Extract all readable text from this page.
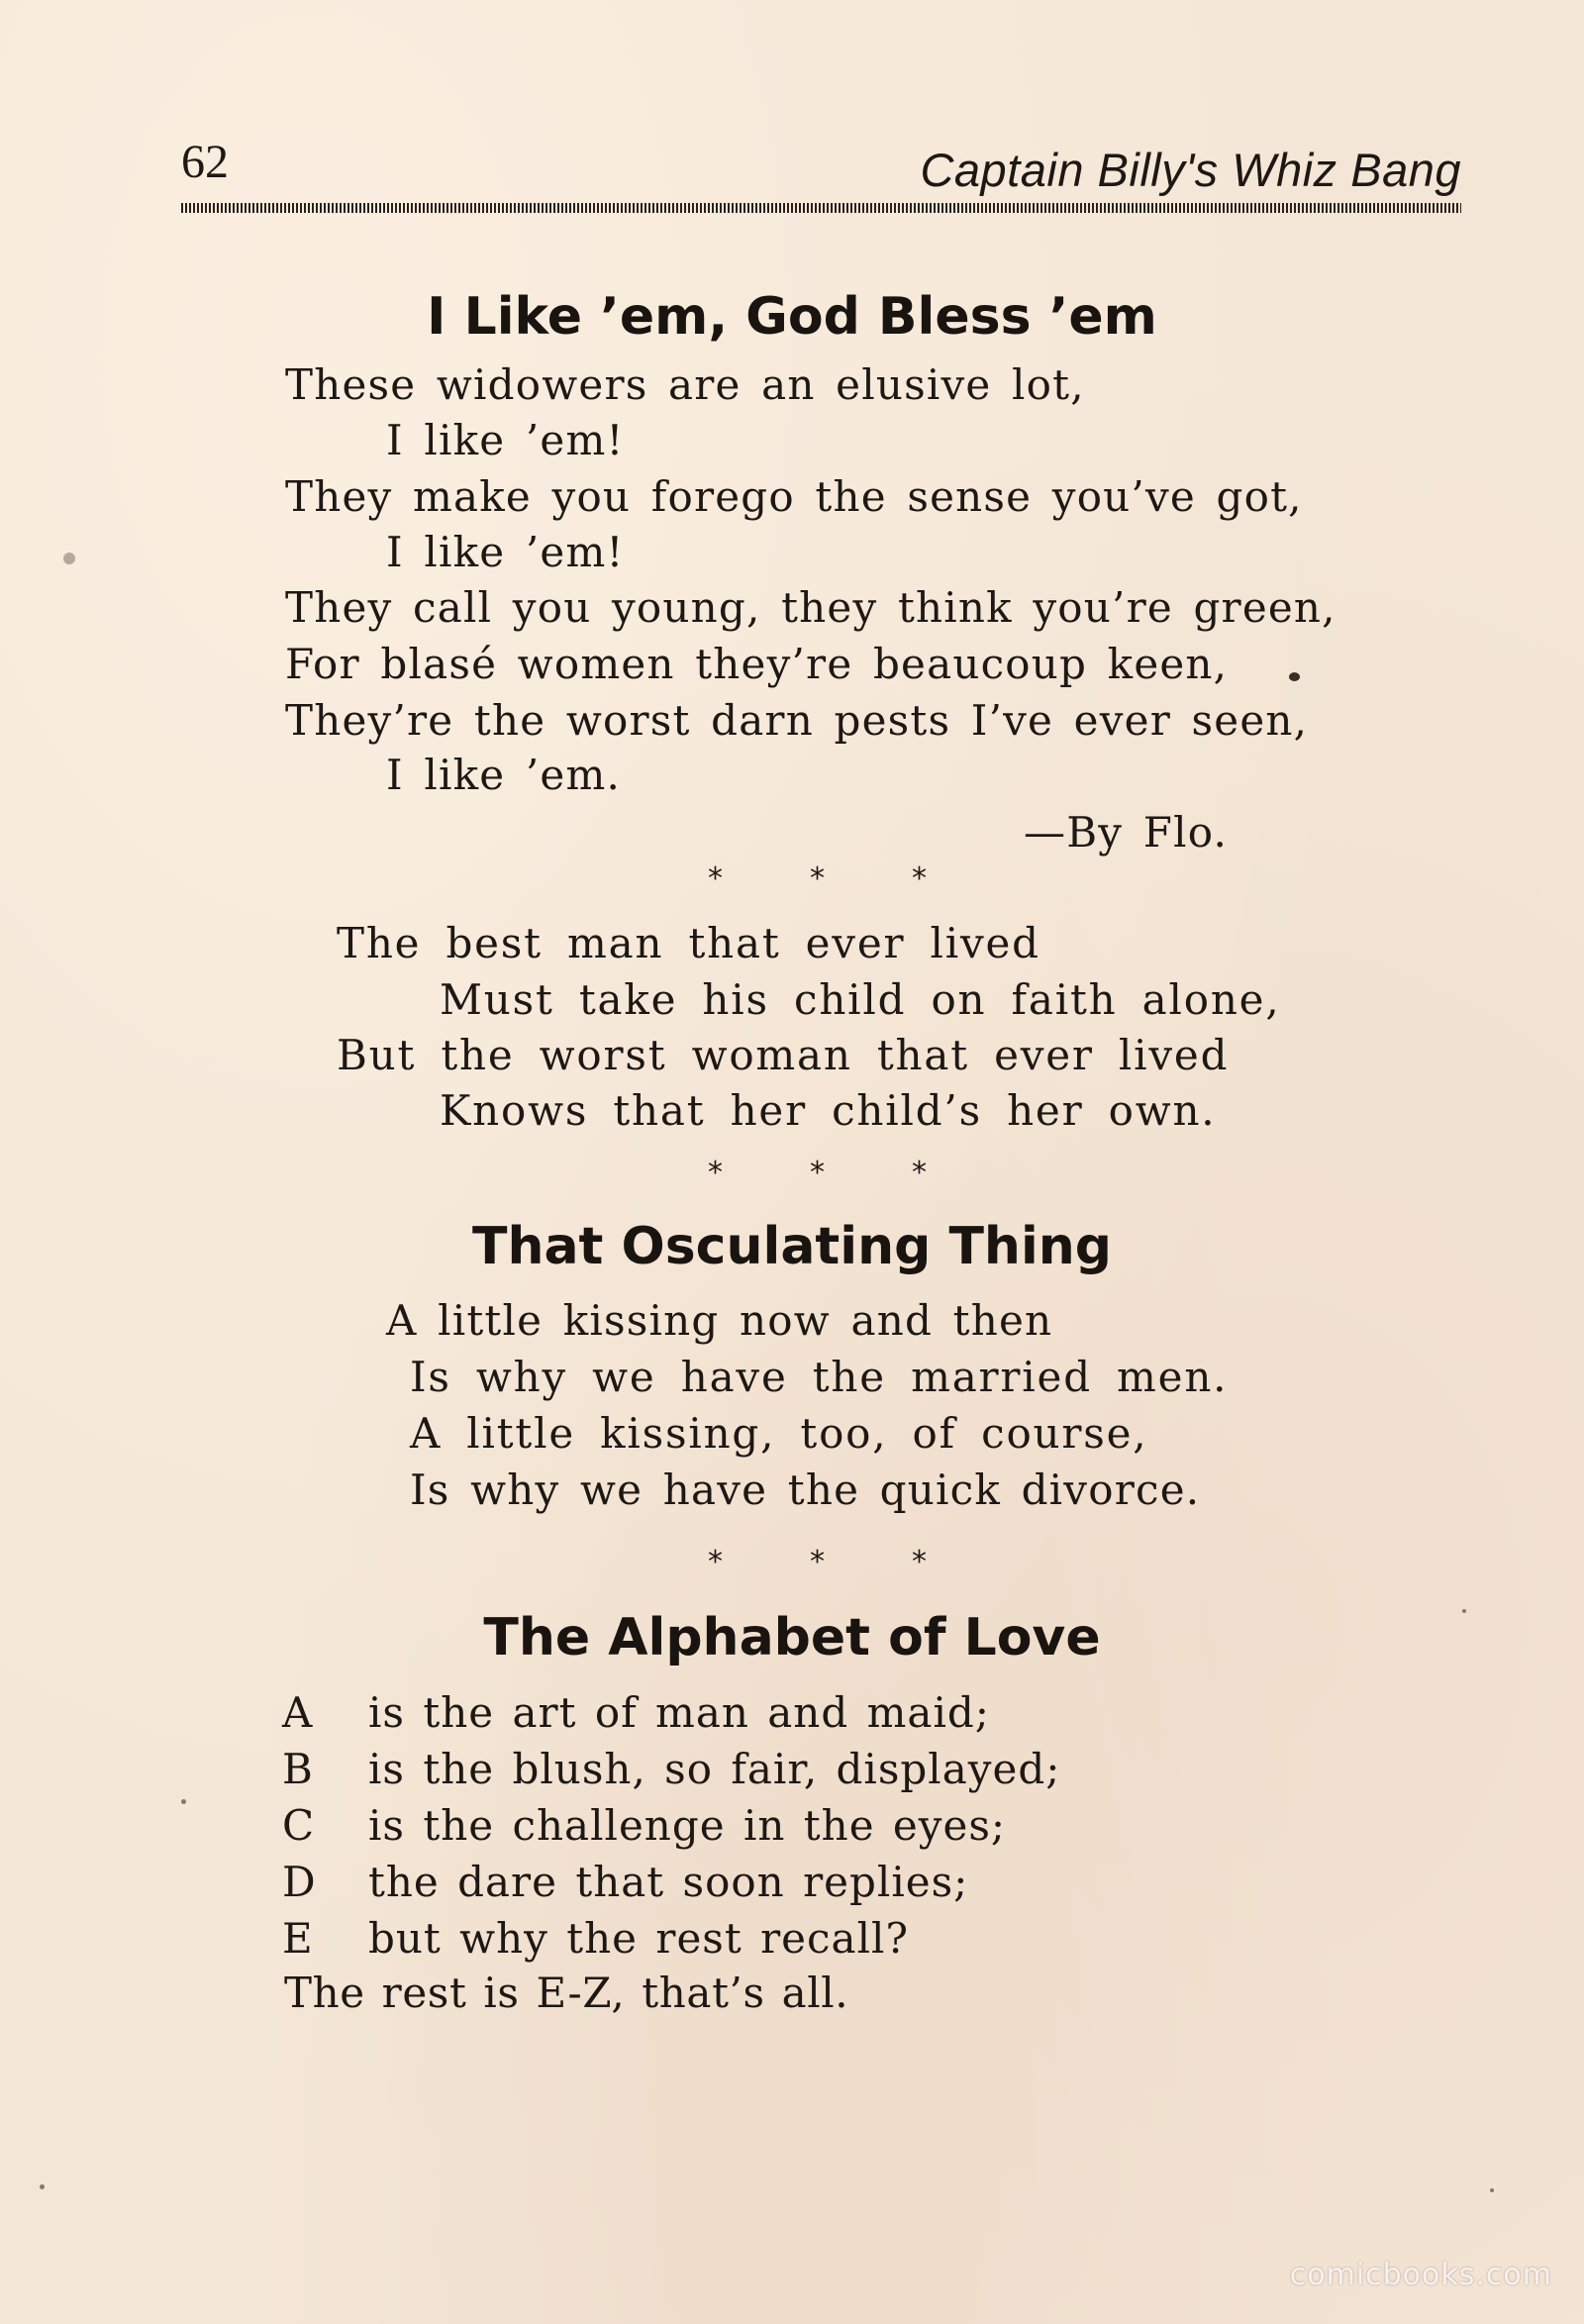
62	Captain Billy's Whiz Bang
I Like ’em, God Bless ’em
These widowers are an elusive lot,
I like ’em!
They make you forego the sense you’ve got,
I like ’em!
They call you young, they think you’re green,
For blasé women they’re beaucoup keen,
They’re the worst darn pests I’ve ever seen,
I like ’em.
—By Flo.
*	*	*
The best man that ever lived
Must take his child on faith alone,
But the worst woman that ever lived
Knows that her child’s her own.
*	*	*
That Osculating Thing
A little kissing now and then
Is why we have the married men.
A little kissing, too, of course,
Is why we have the quick divorce.
*	*	*
The Alphabet of Love
A is the art of man and maid;
B is the blush, so fair, displayed;
C is the challenge in the eyes;
D the dare that soon replies;
E but why the rest recall?
The rest is E-Z, that’s all.
comicbooks.com
